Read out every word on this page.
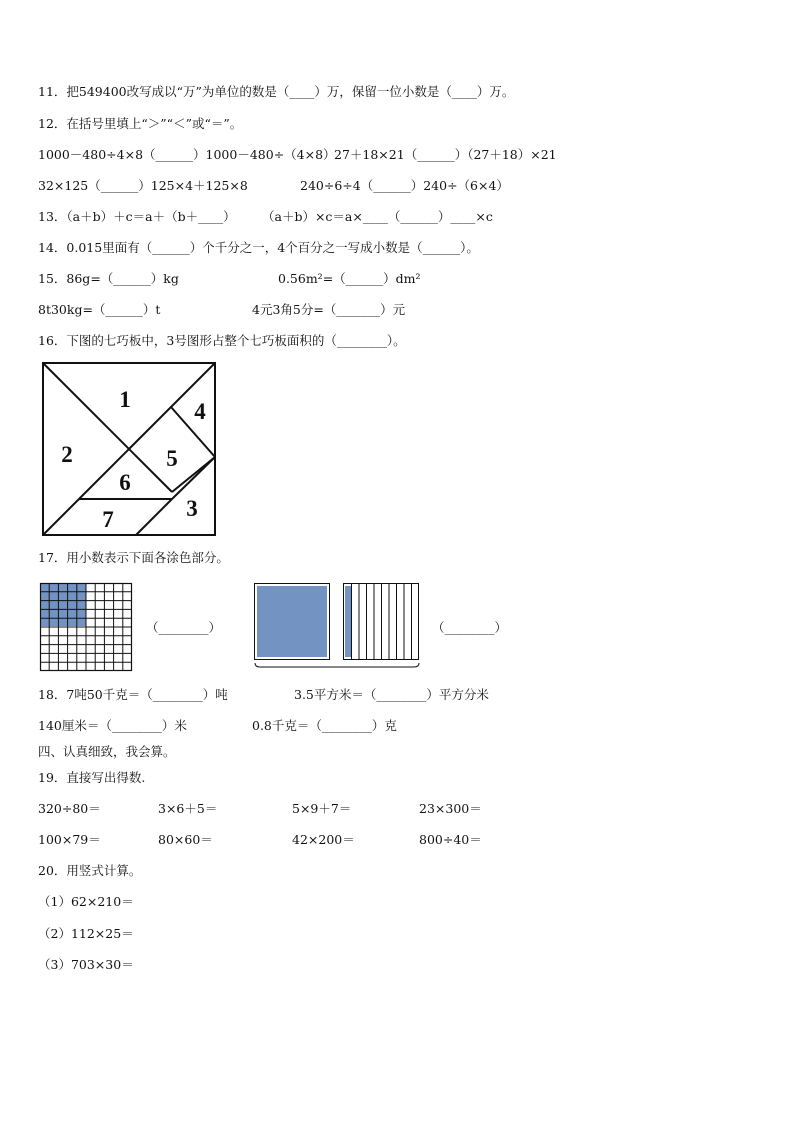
11．把549400改写成以“万”为单位的数是（____）万，保留一位小数是（____）万。
12．在括号里填上“＞”“＜”或“＝”。
1000－480÷4×8（______）1000－480÷（4×8）
27＋18×21（______）（27＋18）×21
32×125（______）125×4＋125×8	240÷6÷4（______）240÷（6×4）
13．（a＋b）＋c＝a＋（b＋____） （a＋b）×c＝a×____（______）____×c
14．0.015里面有（______）个千分之一，4个百分之一写成小数是（______）。
15．86g=（______）kg	0.56m²=（______）dm²
8t30kg=（______）t	4元3角5分=（_______）元
16．下图的七巧板中，3号图形占整个七巧板面积的（________）。
1
2
3
4
5
6
7
17．用小数表示下面各涂色部分。
（________）	（________）
18．7吨50千克＝（________）吨	3.5平方米＝（________）平方分米
140厘米＝（________）米	0.8千克＝（________）克
四、认真细致，我会算。
19．直接写出得数.
320÷80＝	3×6＋5＝	5×9＋7＝	23×300＝
100×79＝	80×60＝	42×200＝	800÷40＝
20．用竖式计算。
（1）62×210＝
（2）112×25＝
（3）703×30＝
